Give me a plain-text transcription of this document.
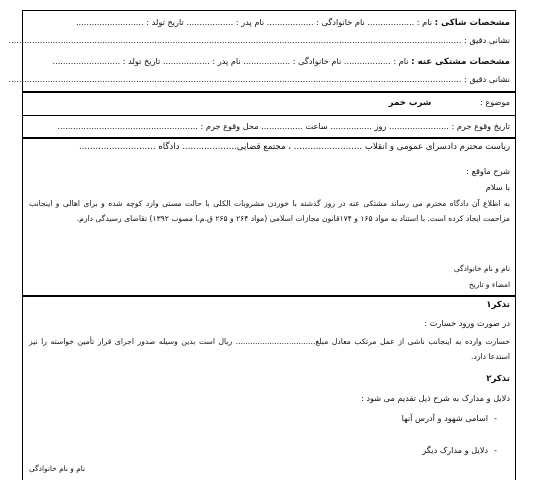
مشخصات شاکی : نام : .................. نام خانوادگی : .................. نام پدر : .................. تاریخ تولد : ..........................
نشانی دقیق : ..............................................................................................................................................................................
مشخصات مشتکی عنه : نام : .................. نام خانوادگی : .................. نام پدر : .................. تاریخ تولد : ..........................
نشانی دقیق : ..............................................................................................................................................................................
موضوع : شرب خمر
تاریخ وقوع جرم : ....................... روز ................ ساعت ................ محل وقوع جرم : ......................................................
ریاست محترم دادسرای عمومی و انقلاب ......................... ، مجتمع قضایی.................... دادگاه ............................
شرح ماوقع :
با سلام
به اطلاع آن دادگاه محترم می رساند مشتکی عنه در روز گذشته با خوردن مشروبات الکلی با حالت مستی وارد کوچه شده و برای اهالی و اینجانب مزاحمت ایجاد کرده است. با استناد به مواد ۱۶۵ و ۱۷۴قانون مجازات اسلامی (مواد ۲۶۴ و ۲۶۵ ق.م.ا مصوب ۱۳۹۲) تقاضای رسیدگی دارم.
نام و نام خانوادگی
امضاء و تاریخ
تذکر۱
در صورت ورود خسارت :
خسارت وارده به اینجانب ناشی از عمل مرتکب معادل مبلغ................................. ریال است بدین وسیله صدور اجرای قرار تأمین خواسته را نیز استدعا دارد.
تذکر۲
دلایل و مدارک به شرح ذیل تقدیم می شود :
-اسامی شهود و آدرس آنها
-دلایل و مدارک دیگر
نام و نام خانوادگی
